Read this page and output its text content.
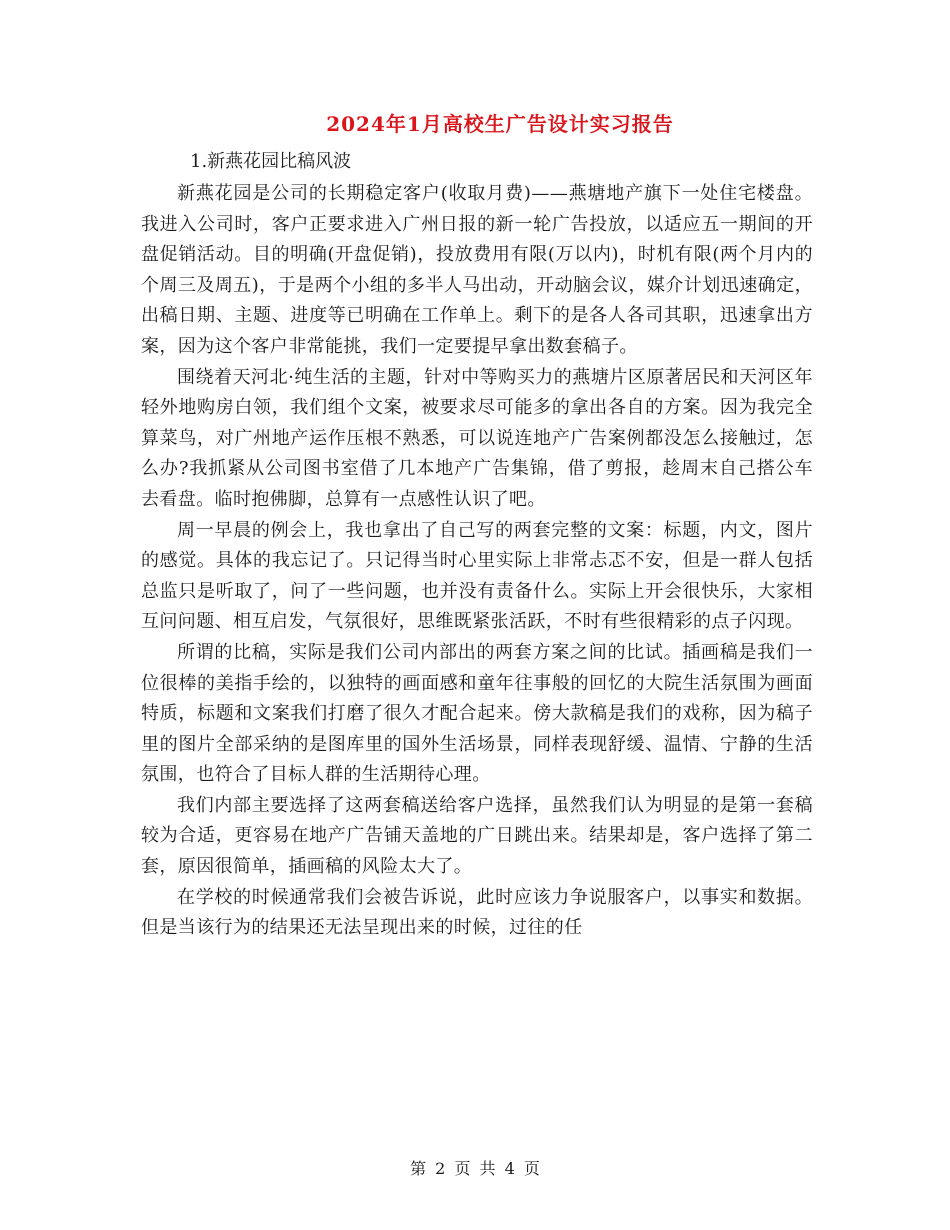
2024年1月高校生广告设计实习报告
1.新燕花园比稿风波

新燕花园是公司的长期稳定客户(收取月费)——燕塘地产旗下一处住宅楼盘。我进入公司时，客户正要求进入广州日报的新一轮广告投放，以适应五一期间的开盘促销活动。目的明确(开盘促销)，投放费用有限(万以内)，时机有限(两个月内的个周三及周五)，于是两个小组的多半人马出动，开动脑会议，媒介计划迅速确定，出稿日期、主题、进度等已明确在工作单上。剩下的是各人各司其职，迅速拿出方案，因为这个客户非常能挑，我们一定要提早拿出数套稿子。

围绕着天河北·纯生活的主题，针对中等购买力的燕塘片区原著居民和天河区年轻外地购房白领，我们组个文案，被要求尽可能多的拿出各自的方案。因为我完全算菜鸟，对广州地产运作压根不熟悉，可以说连地产广告案例都没怎么接触过，怎么办?我抓紧从公司图书室借了几本地产广告集锦，借了剪报，趁周末自己搭公车去看盘。临时抱佛脚，总算有一点感性认识了吧。

周一早晨的例会上，我也拿出了自己写的两套完整的文案：标题，内文，图片的感觉。具体的我忘记了。只记得当时心里实际上非常忐忑不安，但是一群人包括总监只是听取了，问了一些问题，也并没有责备什么。实际上开会很快乐，大家相互问问题、相互启发，气氛很好，思维既紧张活跃，不时有些很精彩的点子闪现。

所谓的比稿，实际是我们公司内部出的两套方案之间的比试。插画稿是我们一位很棒的美指手绘的，以独特的画面感和童年往事般的回忆的大院生活氛围为画面特质，标题和文案我们打磨了很久才配合起来。傍大款稿是我们的戏称，因为稿子里的图片全部采纳的是图库里的国外生活场景，同样表现舒缓、温情、宁静的生活氛围，也符合了目标人群的生活期待心理。

我们内部主要选择了这两套稿送给客户选择，虽然我们认为明显的是第一套稿较为合适，更容易在地产广告铺天盖地的广日跳出来。结果却是，客户选择了第二套，原因很简单，插画稿的风险太大了。

在学校的时候通常我们会被告诉说，此时应该力争说服客户，以事实和数据。但是当该行为的结果还无法呈现出来的时候，过往的任

第 2 页 共 4 页
